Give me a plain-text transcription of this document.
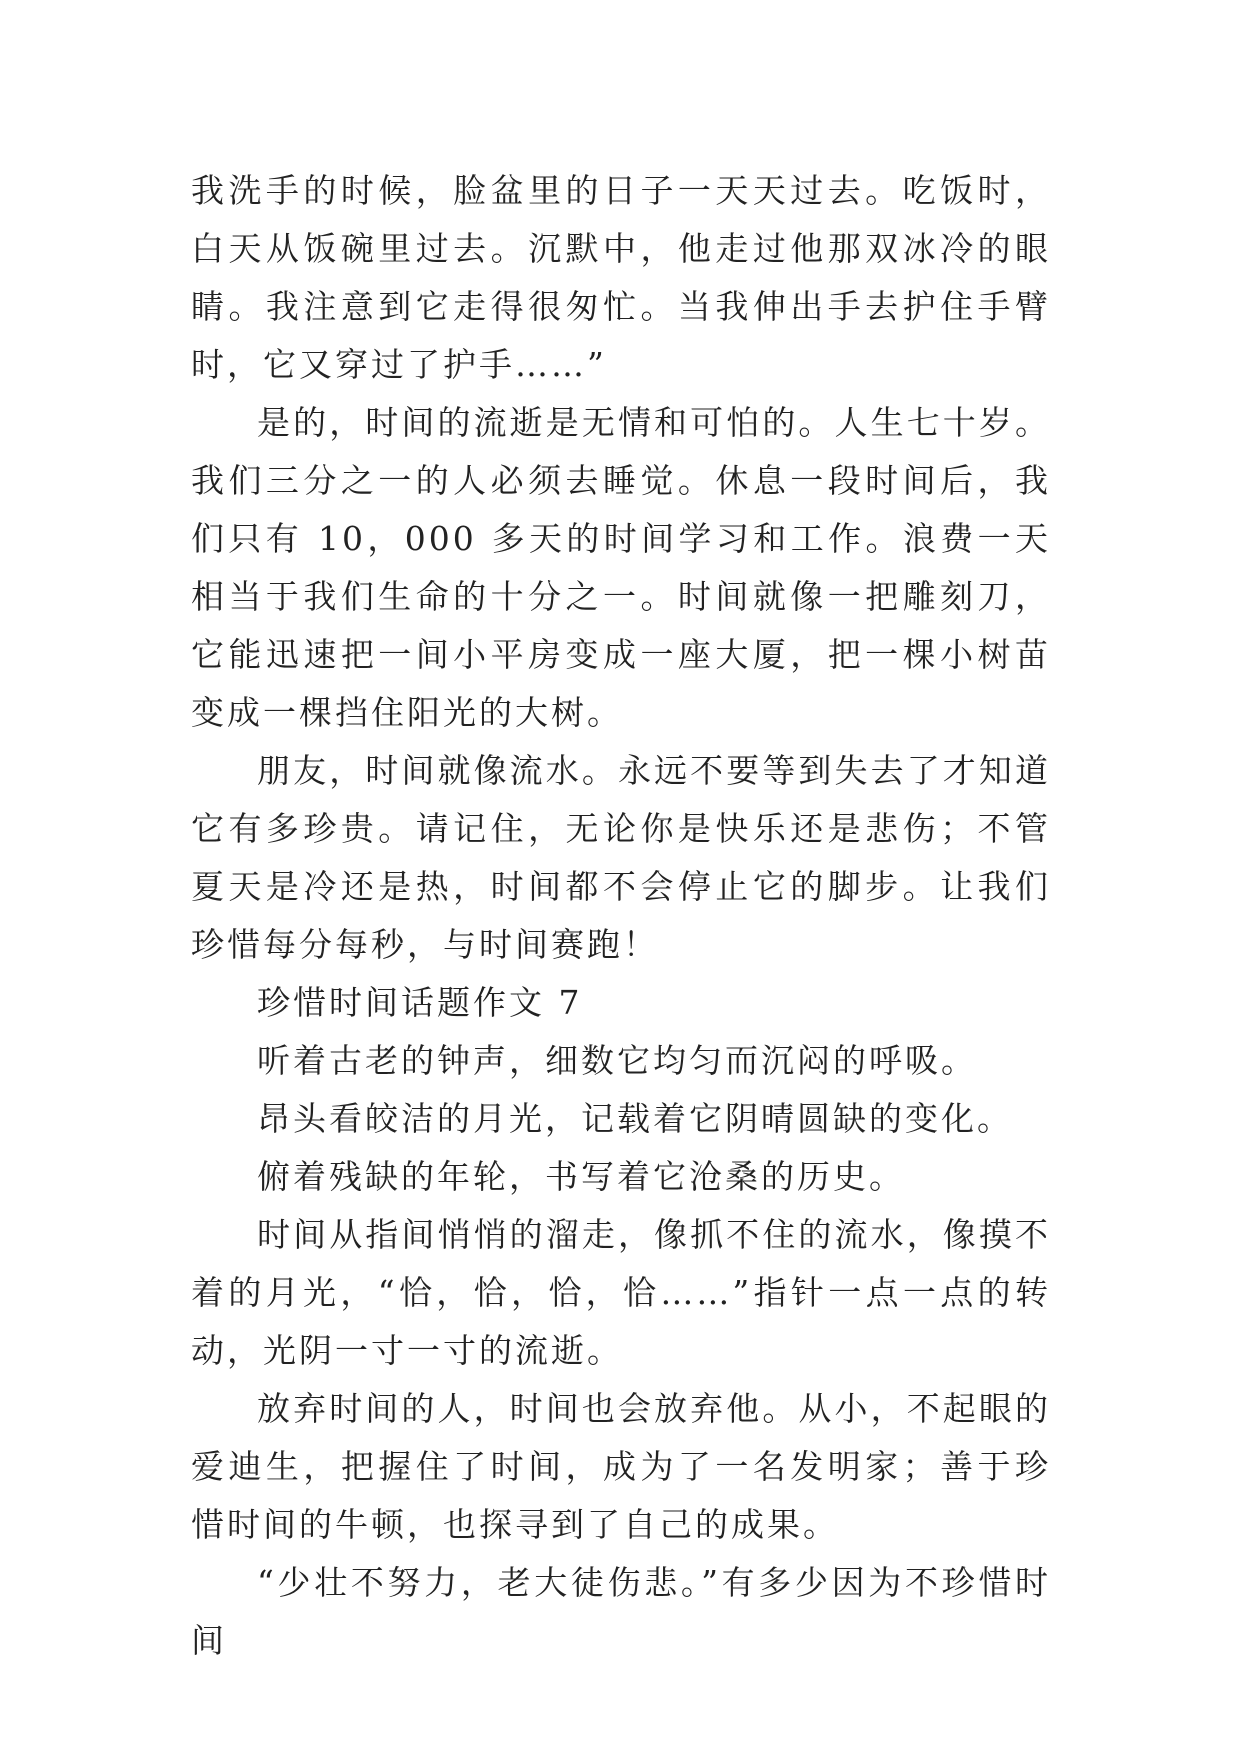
我洗手的时候，脸盆里的日子一天天过去。吃饭时，白天从饭碗里过去。沉默中，他走过他那双冰冷的眼睛。我注意到它走得很匆忙。当我伸出手去护住手臂时，它又穿过了护手……”

是的，时间的流逝是无情和可怕的。人生七十岁。我们三分之一的人必须去睡觉。休息一段时间后，我们只有 10，000 多天的时间学习和工作。浪费一天相当于我们生命的十分之一。时间就像一把雕刻刀，它能迅速把一间小平房变成一座大厦，把一棵小树苗变成一棵挡住阳光的大树。

朋友，时间就像流水。永远不要等到失去了才知道它有多珍贵。请记住，无论你是快乐还是悲伤；不管夏天是冷还是热，时间都不会停止它的脚步。让我们珍惜每分每秒，与时间赛跑！

珍惜时间话题作文 7

听着古老的钟声，细数它均匀而沉闷的呼吸。

昂头看皎洁的月光，记载着它阴晴圆缺的变化。

俯着残缺的年轮，书写着它沧桑的历史。

时间从指间悄悄的溜走，像抓不住的流水，像摸不着的月光，“恰，恰，恰，恰……”指针一点一点的转动，光阴一寸一寸的流逝。

放弃时间的人，时间也会放弃他。从小，不起眼的爱迪生，把握住了时间，成为了一名发明家；善于珍惜时间的牛顿，也探寻到了自己的成果。

“少壮不努力，老大徒伤悲。”有多少因为不珍惜时间
